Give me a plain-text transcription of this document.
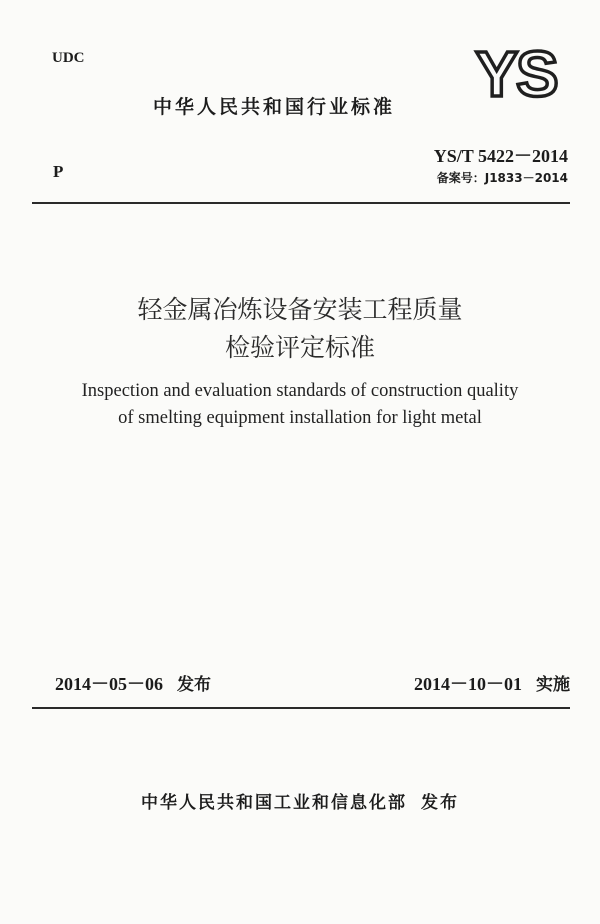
UDC	YS
中华人民共和国行业标准
YS/T 5422－2014
P	备案号：J1833－2014
轻金属冶炼设备安装工程质量
检验评定标准
Inspection and evaluation standards of construction quality
of smelting equipment installation for light metal
2014－05－06 发布	2014－10－01 实施
中华人民共和国工业和信息化部 发布
